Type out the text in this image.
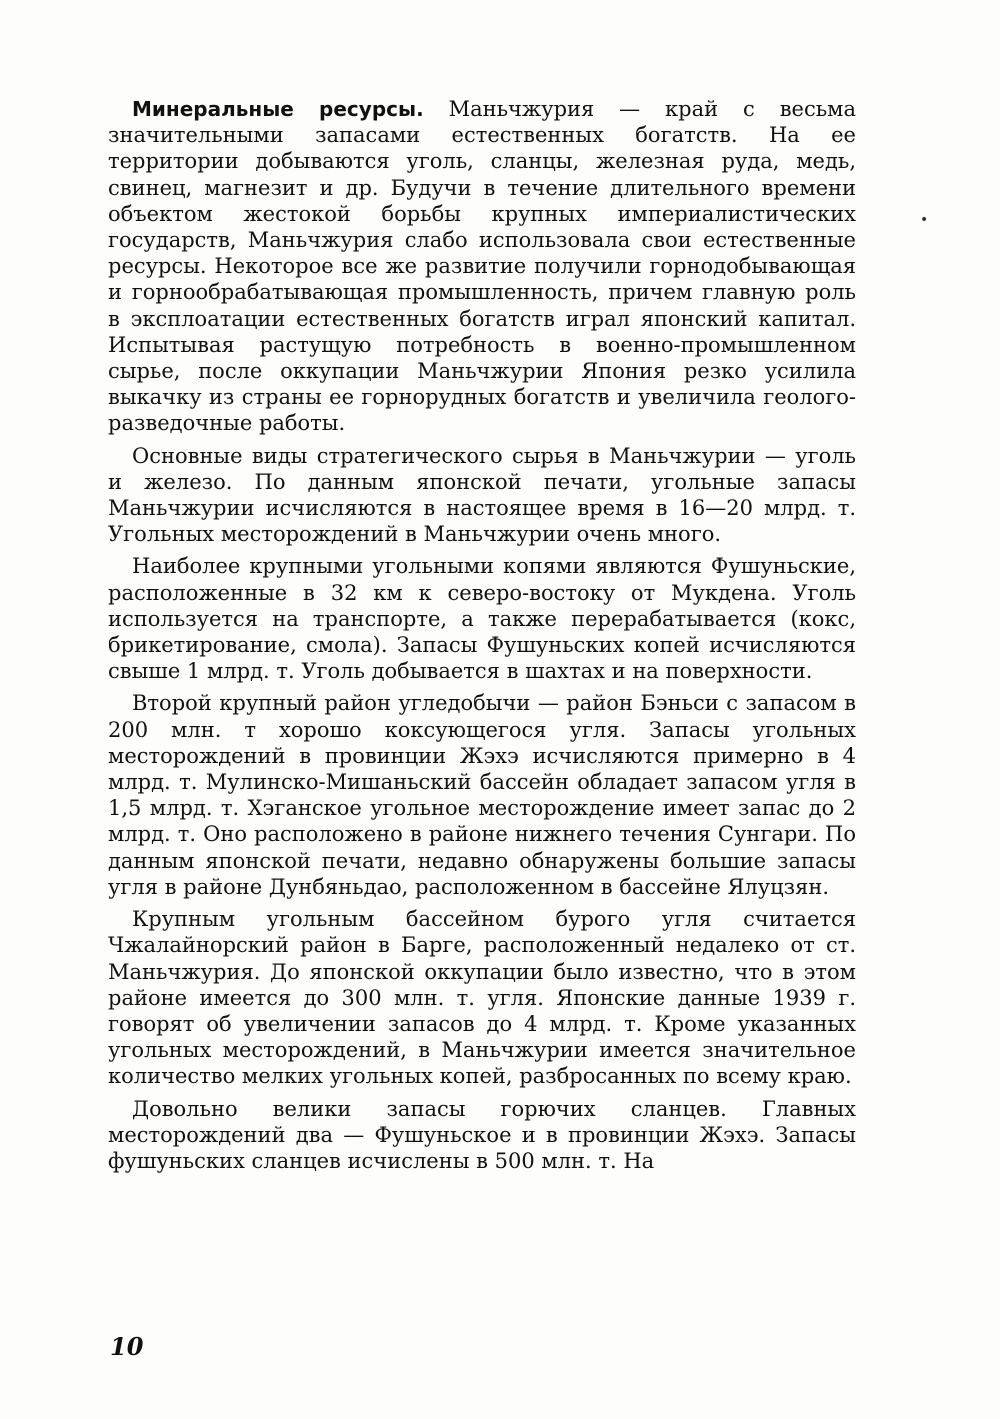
Минеральные ресурсы. Маньчжурия — край с весьма значительными запасами естественных богатств. На ее территории добываются уголь, сланцы, железная руда, медь, свинец, магнезит и др. Будучи в течение длительного времени объектом жестокой борьбы крупных империалистических государств, Маньчжурия слабо использовала свои естественные ресурсы. Некоторое все же развитие получили горнодобывающая и горнообрабатывающая промышленность, причем главную роль в эксплоатации естественных богатств играл японский капитал. Испытывая растущую потребность в военно-промышленном сырье, после оккупации Маньчжурии Япония резко усилила выкачку из страны ее горнорудных богатств и увеличила геолого-разведочные работы.

Основные виды стратегического сырья в Маньчжурии — уголь и железо. По данным японской печати, угольные запасы Маньчжурии исчисляются в настоящее время в 16—20 млрд. т. Угольных месторождений в Маньчжурии очень много.

Наиболее крупными угольными копями являются Фушуньские, расположенные в 32 км к северо-востоку от Мукдена. Уголь используется на транспорте, а также перерабатывается (кокс, брикетирование, смола). Запасы Фушуньских копей исчисляются свыше 1 млрд. т. Уголь добывается в шахтах и на поверхности.

Второй крупный район угледобычи — район Бэньси с запасом в 200 млн. т хорошо коксующегося угля. Запасы угольных месторождений в провинции Жэхэ исчисляются примерно в 4 млрд. т. Мулинско-Мишаньский бассейн обладает запасом угля в 1,5 млрд. т. Хэганское угольное месторождение имеет запас до 2 млрд. т. Оно расположено в районе нижнего течения Сунгари. По данным японской печати, недавно обнаружены большие запасы угля в районе Дунбяньдао, расположенном в бассейне Ялуцзян.

Крупным угольным бассейном бурого угля считается Чжалайнорский район в Барге, расположенный недалеко от ст. Маньчжурия. До японской оккупации было известно, что в этом районе имеется до 300 млн. т. угля. Японские данные 1939 г. говорят об увеличении запасов до 4 млрд. т. Кроме указанных угольных месторождений, в Маньчжурии имеется значительное количество мелких угольных копей, разбросанных по всему краю.

Довольно велики запасы горючих сланцев. Главных месторождений два — Фушуньское и в провинции Жэхэ. Запасы фушуньских сланцев исчислены в 500 млн. т. На

•
10
